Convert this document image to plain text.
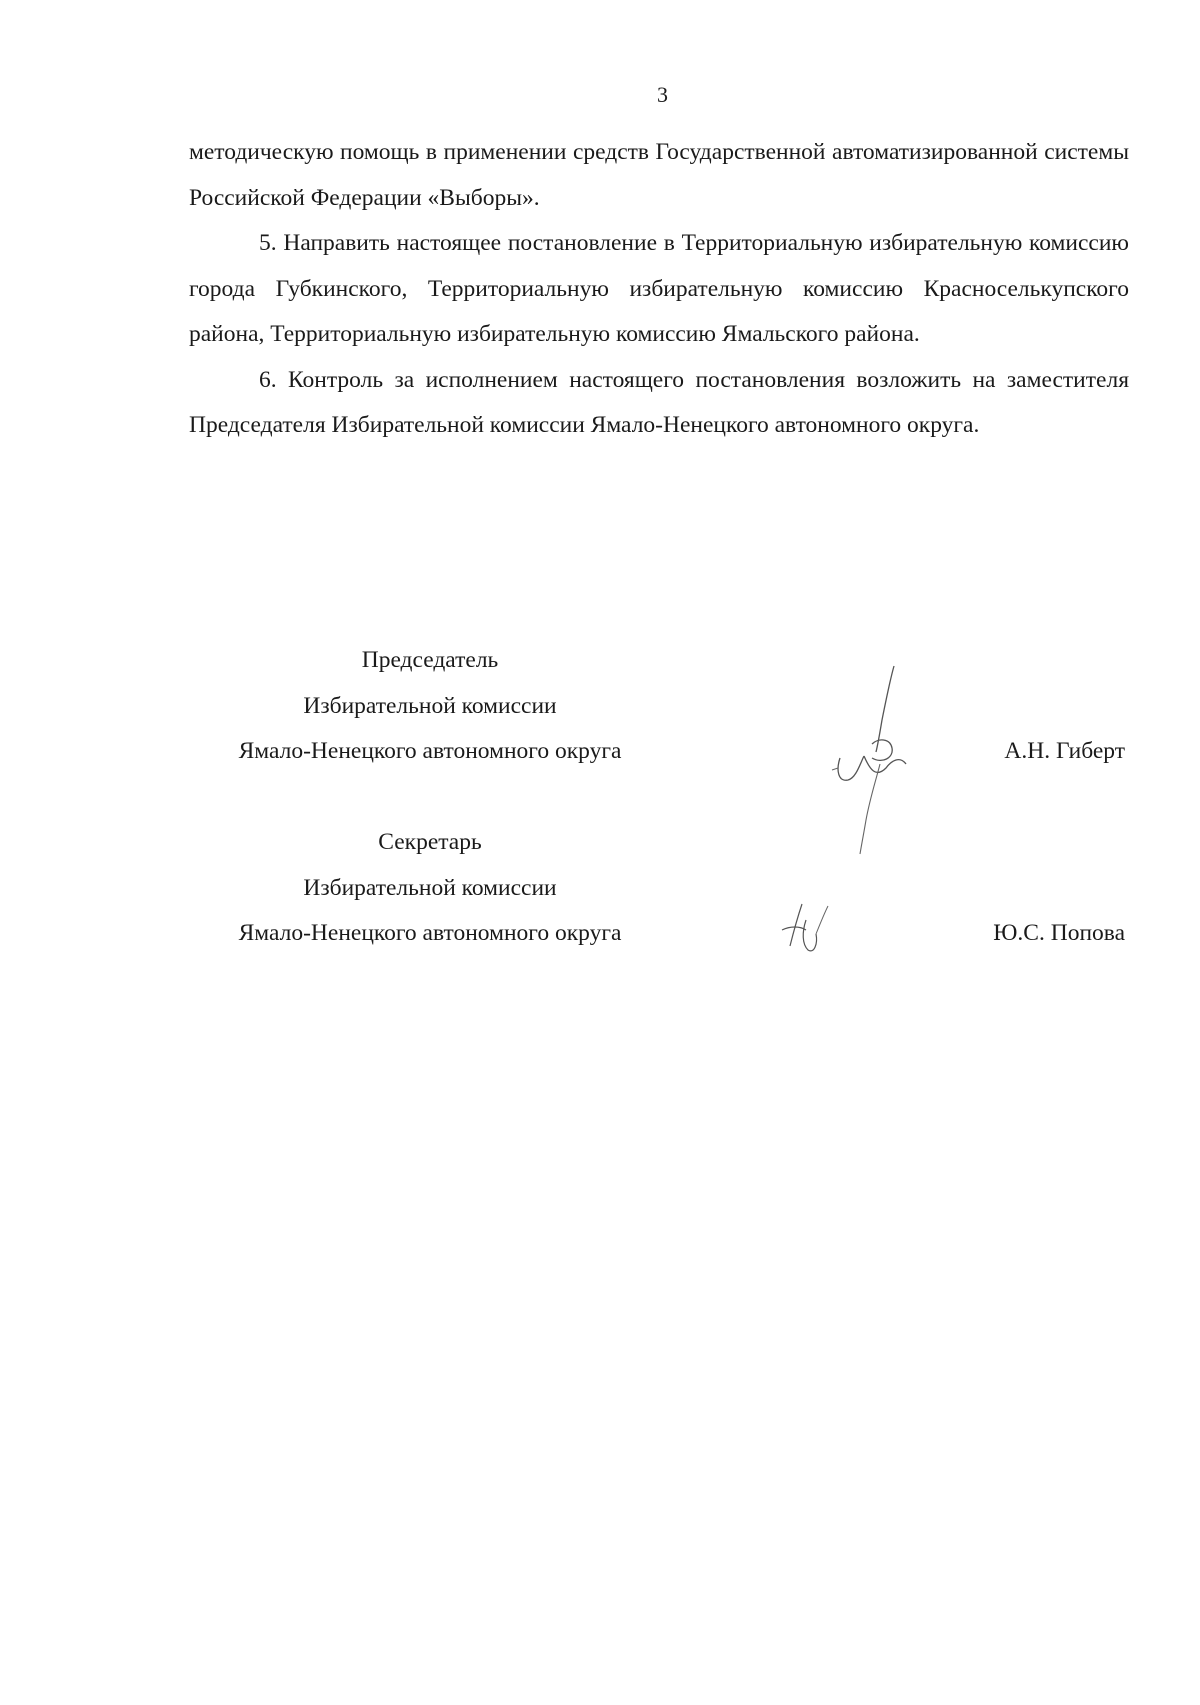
3

методическую помощь в применении средств Государственной автоматизированной системы Российской Федерации «Выборы».

5. Направить настоящее постановление в Территориальную избирательную комиссию города Губкинского, Территориальную избирательную комиссию Красноселькупского района, Территориальную избирательную комиссию Ямальского района.

6. Контроль за исполнением настоящего постановления возложить на заместителя Председателя Избирательной комиссии Ямало-Ненецкого автономного округа.

Председатель
Избирательной комиссии
Ямало-Ненецкого автономного округа	А.Н. Гиберт
Секретарь
Избирательной комиссии
Ямало-Ненецкого автономного округа	Ю.С. Попова
